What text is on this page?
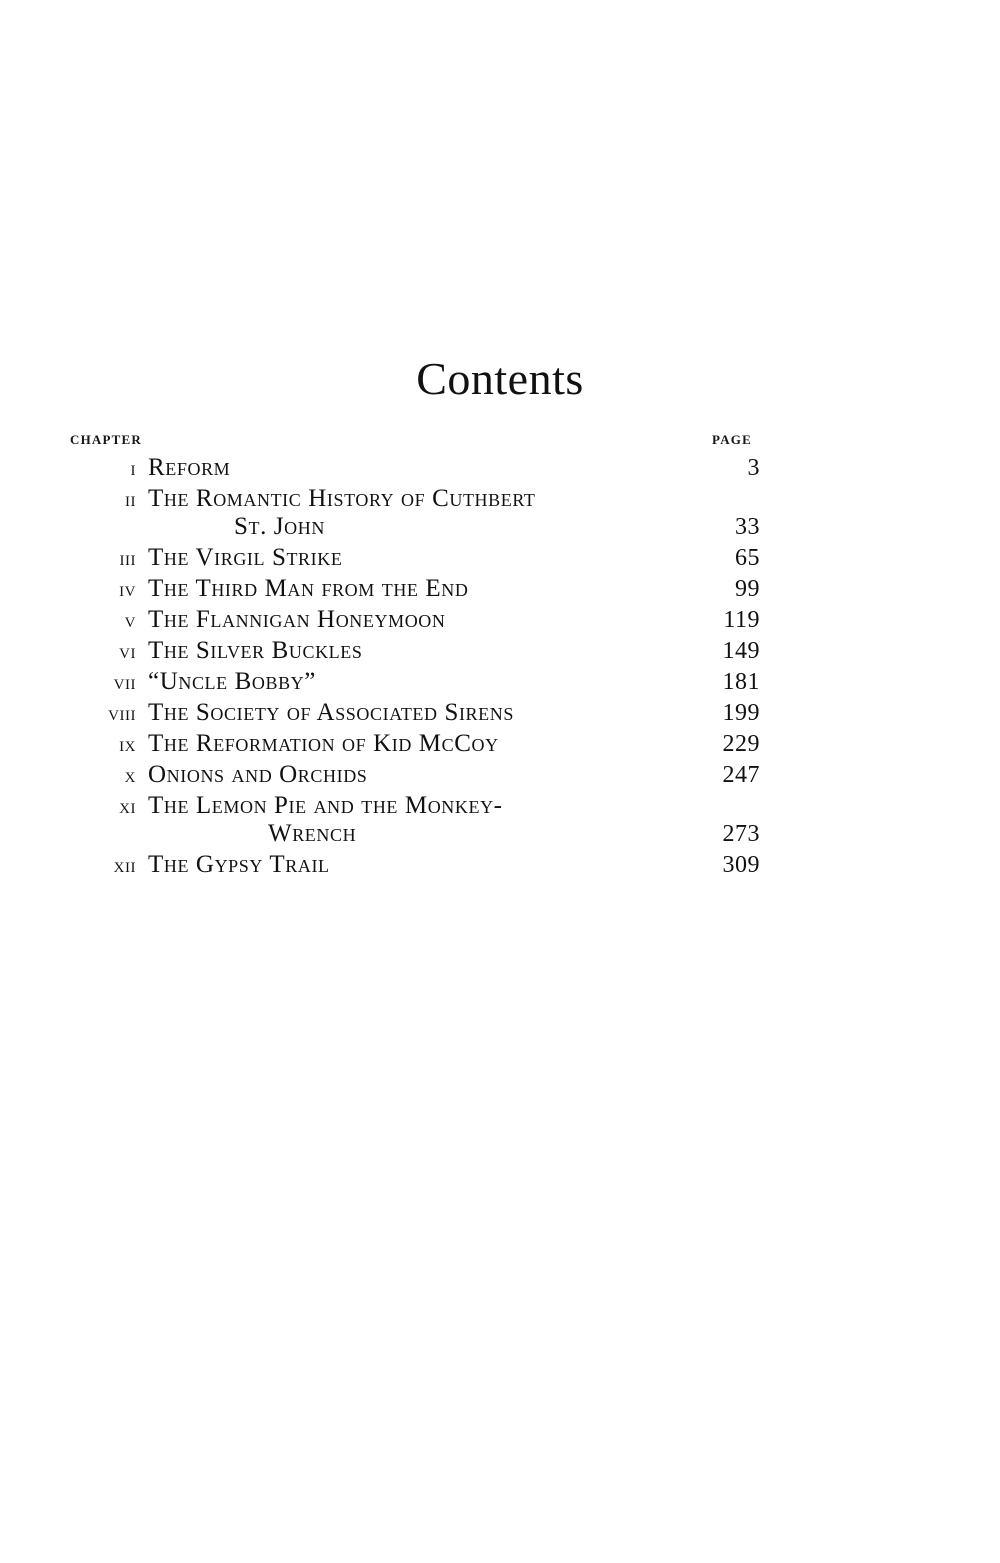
Contents
CHAPTER	PAGE
i Reform	3
ii The Romantic History of Cuthbert
St. John	33
iii The Virgil Strike	65
iv The Third Man from the End	99
v The Flannigan Honeymoon	119
vi The Silver Buckles	149
vii “Uncle Bobby”	181
viii The Society of Associated Sirens	199
ix The Reformation of Kid McCoy	229
x Onions and Orchids	247
xi The Lemon Pie and the Monkey-
Wrench	273
xii The Gypsy Trail	309
